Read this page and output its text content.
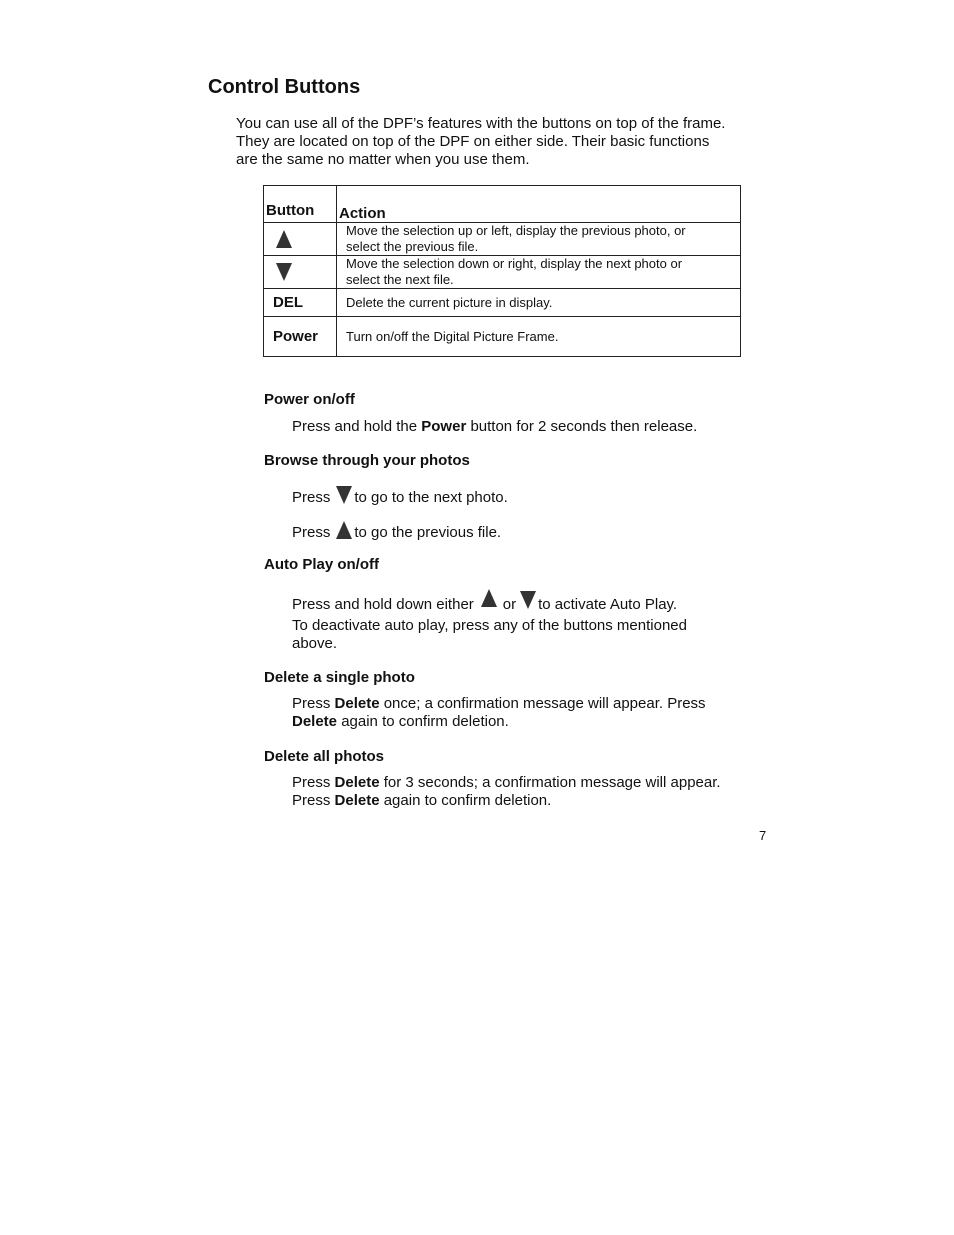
Control Buttons

You can use all of the DPF’s features with the buttons on top of the frame.

They are located on top of the DPF on either side. Their basic functions

are the same no matter when you use them.

Button	Action

	Move the selection up or left, display the previous photo, or
select the previous file.

	Move the selection down or right, display the next photo or
select the next file.

DEL	Delete the current picture in display.
Power	Turn on/off the Digital Picture Frame.
Power on/off

Press and hold the Power button for 2 seconds then release.

Browse through your photos

Press to go to the next photo.

Press to go the previous file.

Auto Play on/off

Press and hold down either or to activate Auto Play.

To deactivate auto play, press any of the buttons mentioned

above.

Delete a single photo

Press Delete once; a confirmation message will appear. Press

Delete again to confirm deletion.

Delete all photos

Press Delete for 3 seconds; a confirmation message will appear.

Press Delete again to confirm deletion.

7
